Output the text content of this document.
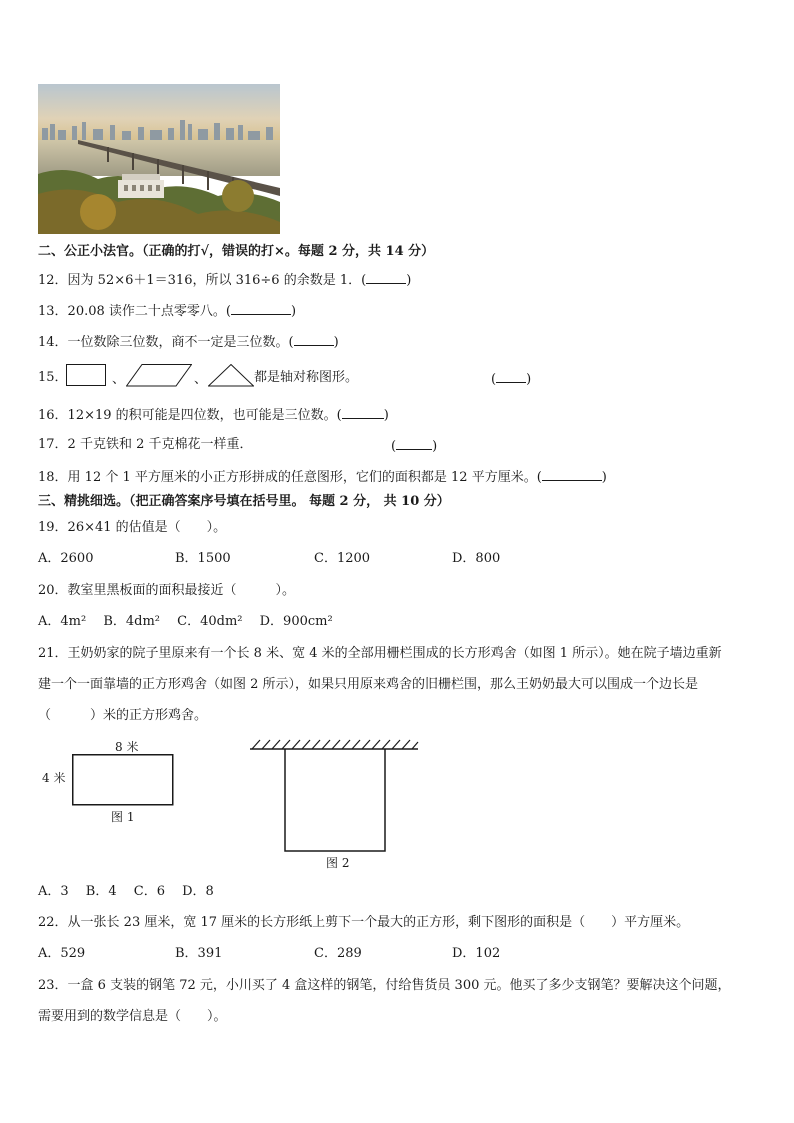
二、公正小法官。（正确的打√，错误的打×。每题 2 分，共 14 分）
12．因为 52×6＋1＝316，所以 316÷6 的余数是 1．(	)
13．20.08 读作二十点零零八。(	)
14．一位数除三位数，商不一定是三位数。(	)
15．	、	、	都是轴对称图形。	( )
16．12×19 的积可能是四位数，也可能是三位数。(	)
17．2 千克铁和 2 千克棉花一样重．	(	)
18．用 12 个 1 平方厘米的小正方形拼成的任意图形，它们的面积都是 12 平方厘米。(	)
三、精挑细选。（把正确答案序号填在括号里。 每题 2 分， 共 10 分）
19．26×41 的估值是（　　）。
A．2600	B．1500	C．1200	D．800
20．教室里黑板面的面积最接近（　　　）。
A．4m²　 B．4dm²　 C．40dm²　 D．900cm²
21．王奶奶家的院子里原来有一个长 8 米、宽 4 米的全部用栅栏围成的长方形鸡舍（如图 1 所示）。她在院子墙边重新
建一个一面靠墙的正方形鸡舍（如图 2 所示），如果只用原来鸡舍的旧栅栏围，那么王奶奶最大可以围成一个边长是
（　　　）米的正方形鸡舍。
8 米
4 米
图 1
图 2
A．3　 B．4　 C．6　 D．8
22．从一张长 23 厘米，宽 17 厘米的长方形纸上剪下一个最大的正方形，剩下图形的面积是（　　）平方厘米。
A．529	B．391	C．289	D．102
23．一盒 6 支装的钢笔 72 元，小川买了 4 盒这样的钢笔，付给售货员 300 元。他买了多少支钢笔？要解决这个问题，
需要用到的数学信息是（　　）。
